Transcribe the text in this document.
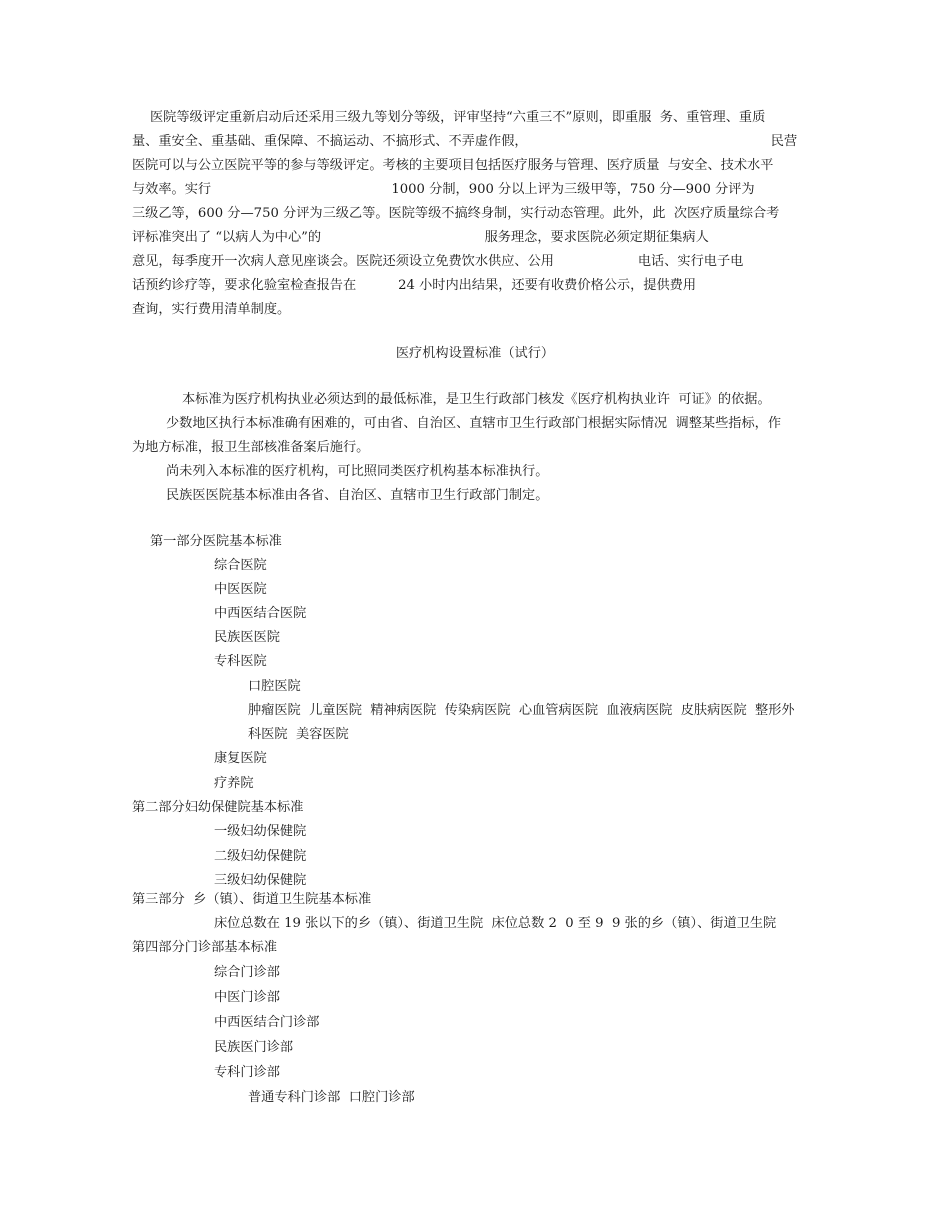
医院等级评定重新启动后还采用三级九等划分等级，评审坚持“六重三不”原则，即重服  务、重管理、重质
量、重安全、重基础、重保障、不搞运动、不搞形式、不弄虚作假，                                                          民营
医院可以与公立医院平等的参与等级评定。考核的主要项目包括医疗服务与管理、医疗质量  与安全、技术水平
与效率。实行                                           1000 分制，900 分以上评为三级甲等，750 分—900 分评为
三级乙等，600 分—750 分评为三级乙等。医院等级不搞终身制，实行动态管理。此外，此  次医疗质量综合考
评标准突出了 “以病人为中心”的                                       服务理念，要求医院必须定期征集病人
意见，每季度开一次病人意见座谈会。医院还须设立免费饮水供应、公用                    电话、实行电子电
话预约诊疗等，要求化验室检查报告在          24 小时内出结果，还要有收费价格公示，提供费用
查询，实行费用清单制度。
医疗机构设置标准（试行）
本标准为医疗机构执业必须达到的最低标准，是卫生行政部门核发《医疗机构执业许  可证》的依据。
少数地区执行本标准确有困难的，可由省、自治区、直辖市卫生行政部门根据实际情况  调整某些指标，作
为地方标准，报卫生部核准备案后施行。
尚未列入本标准的医疗机构，可比照同类医疗机构基本标准执行。
民族医医院基本标准由各省、自治区、直辖市卫生行政部门制定。
第一部分医院基本标准
综合医院
中医医院
中西医结合医院
民族医医院
专科医院
口腔医院
肿瘤医院  儿童医院  精神病医院  传染病医院  心血管病医院  血液病医院  皮肤病医院  整形外
科医院  美容医院
康复医院
疗养院
第二部分妇幼保健院基本标准
一级妇幼保健院
二级妇幼保健院
三级妇幼保健院
第三部分  乡（镇）、街道卫生院基本标准
床位总数在 19 张以下的乡（镇）、街道卫生院  床位总数 2  0 至 9  9 张的乡（镇）、街道卫生院
第四部分门诊部基本标准
综合门诊部
中医门诊部
中西医结合门诊部
民族医门诊部
专科门诊部
普通专科门诊部  口腔门诊部
